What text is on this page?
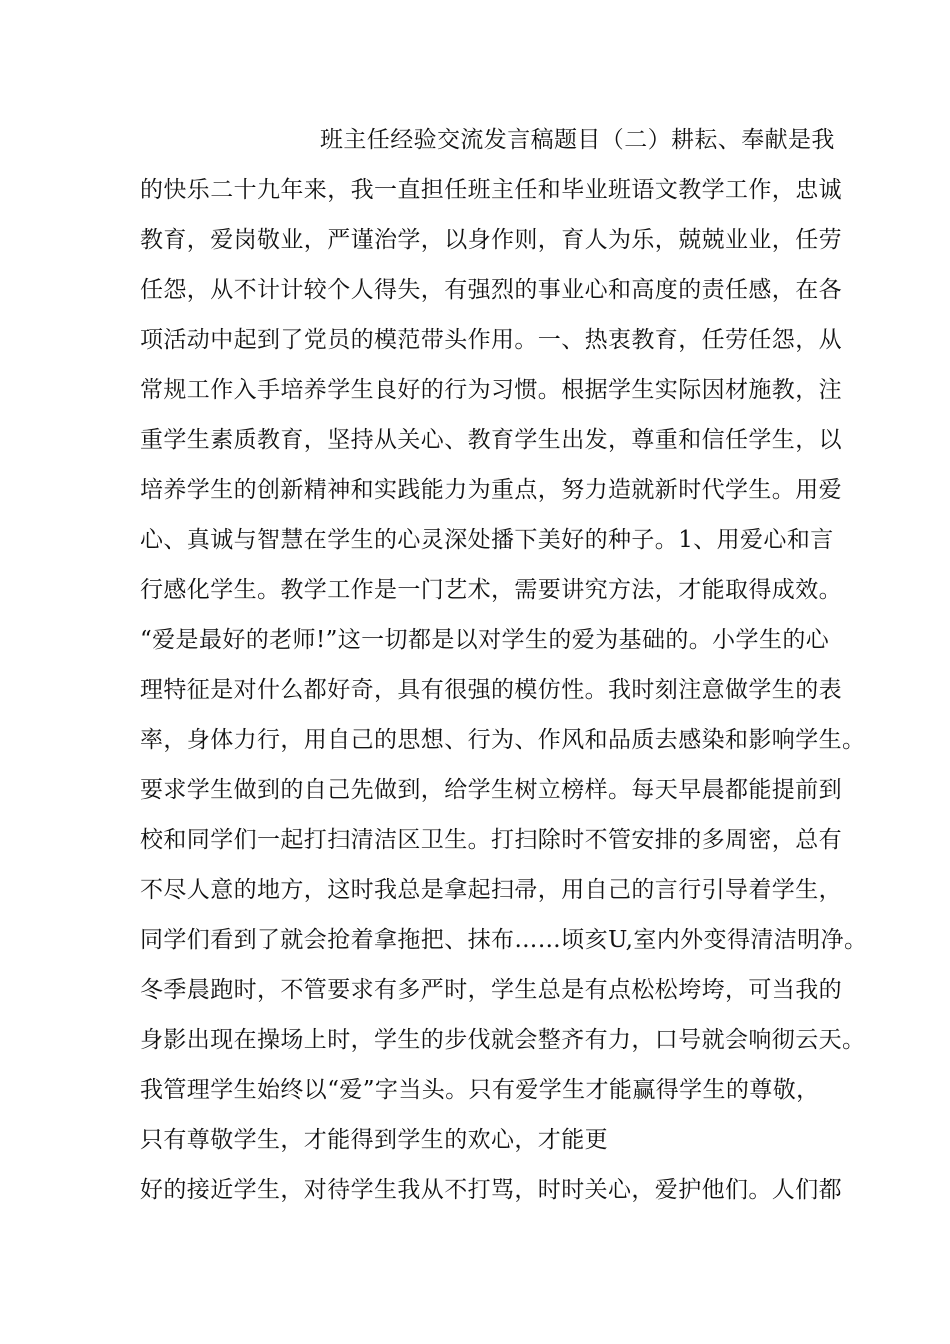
班主任经验交流发言稿题目（二）耕耘、奉献是我
的快乐二十九年来，我一直担任班主任和毕业班语文教学工作，忠诚
教育，爱岗敬业，严谨治学，以身作则，育人为乐，兢兢业业，任劳
任怨，从不计计较个人得失，有强烈的事业心和高度的责任感，在各
项活动中起到了党员的模范带头作用。一、热衷教育，任劳任怨，从
常规工作入手培养学生良好的行为习惯。根据学生实际因材施教，注
重学生素质教育，坚持从关心、教育学生出发，尊重和信任学生，以
培养学生的创新精神和实践能力为重点，努力造就新时代学生。用爱
心、真诚与智慧在学生的心灵深处播下美好的种子。1、用爱心和言
行感化学生。教学工作是一门艺术，需要讲究方法，才能取得成效。
“爱是最好的老师!”这一切都是以对学生的爱为基础的。小学生的心
理特征是对什么都好奇，具有很强的模仿性。我时刻注意做学生的表
率，身体力行，用自己的思想、行为、作风和品质去感染和影响学生。
要求学生做到的自己先做到，给学生树立榜样。每天早晨都能提前到
校和同学们一起打扫清洁区卫生。打扫除时不管安排的多周密，总有
不尽人意的地方，这时我总是拿起扫帚，用自己的言行引导着学生，
同学们看到了就会抢着拿拖把、抹布……顷亥U,室内外变得清洁明净。
冬季晨跑时，不管要求有多严时，学生总是有点松松垮垮，可当我的
身影出现在操场上时，学生的步伐就会整齐有力，口号就会响彻云天。
我管理学生始终以“爱”字当头。只有爱学生才能赢得学生的尊敬，
只有尊敬学生，才能得到学生的欢心，才能更
好的接近学生，对待学生我从不打骂，时时关心，爱护他们。人们都
